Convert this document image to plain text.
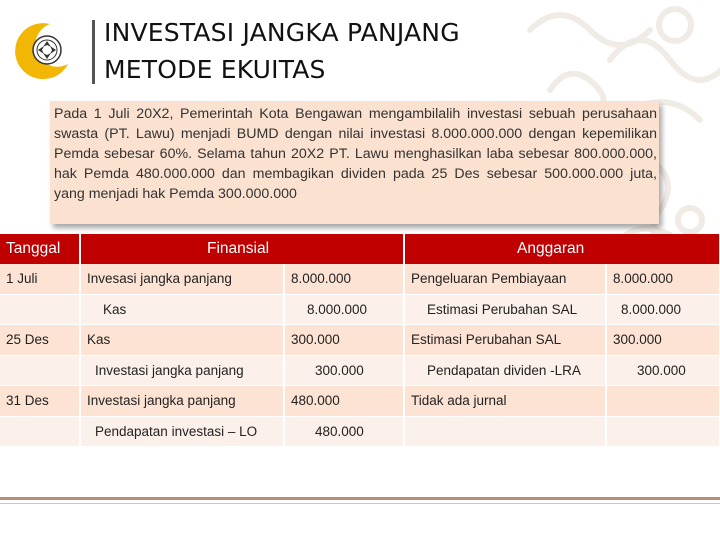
INVESTASI JANGKA PANJANG
METODE EKUITAS

Pada 1 Juli 20X2, Pemerintah Kota Bengawan mengambilalih investasi sebuah perusahaan swasta (PT. Lawu) menjadi BUMD dengan nilai investasi 8.000.000.000 dengan kepemilikan Pemda sebesar 60%. Selama tahun 20X2 PT. Lawu menghasilkan laba sebesar 800.000.000, hak Pemda 480.000.000 dan membagikan dividen pada 25 Des sebesar 500.000.000 juta, yang menjadi hak Pemda 300.000.000

Tanggal	Finansial		Anggaran	
1 Juli	Invesasi jangka panjang	8.000.000	Pengeluaran Pembiayaan	8.000.000
	Kas	8.000.000	Estimasi Perubahan SAL	8.000.000
25 Des	Kas	300.000	Estimasi Perubahan SAL	300.000
	Investasi jangka panjang	300.000	Pendapatan dividen -LRA	300.000
31 Des	Investasi jangka panjang	480.000	Tidak ada jurnal	
	Pendapatan investasi – LO	480.000		
